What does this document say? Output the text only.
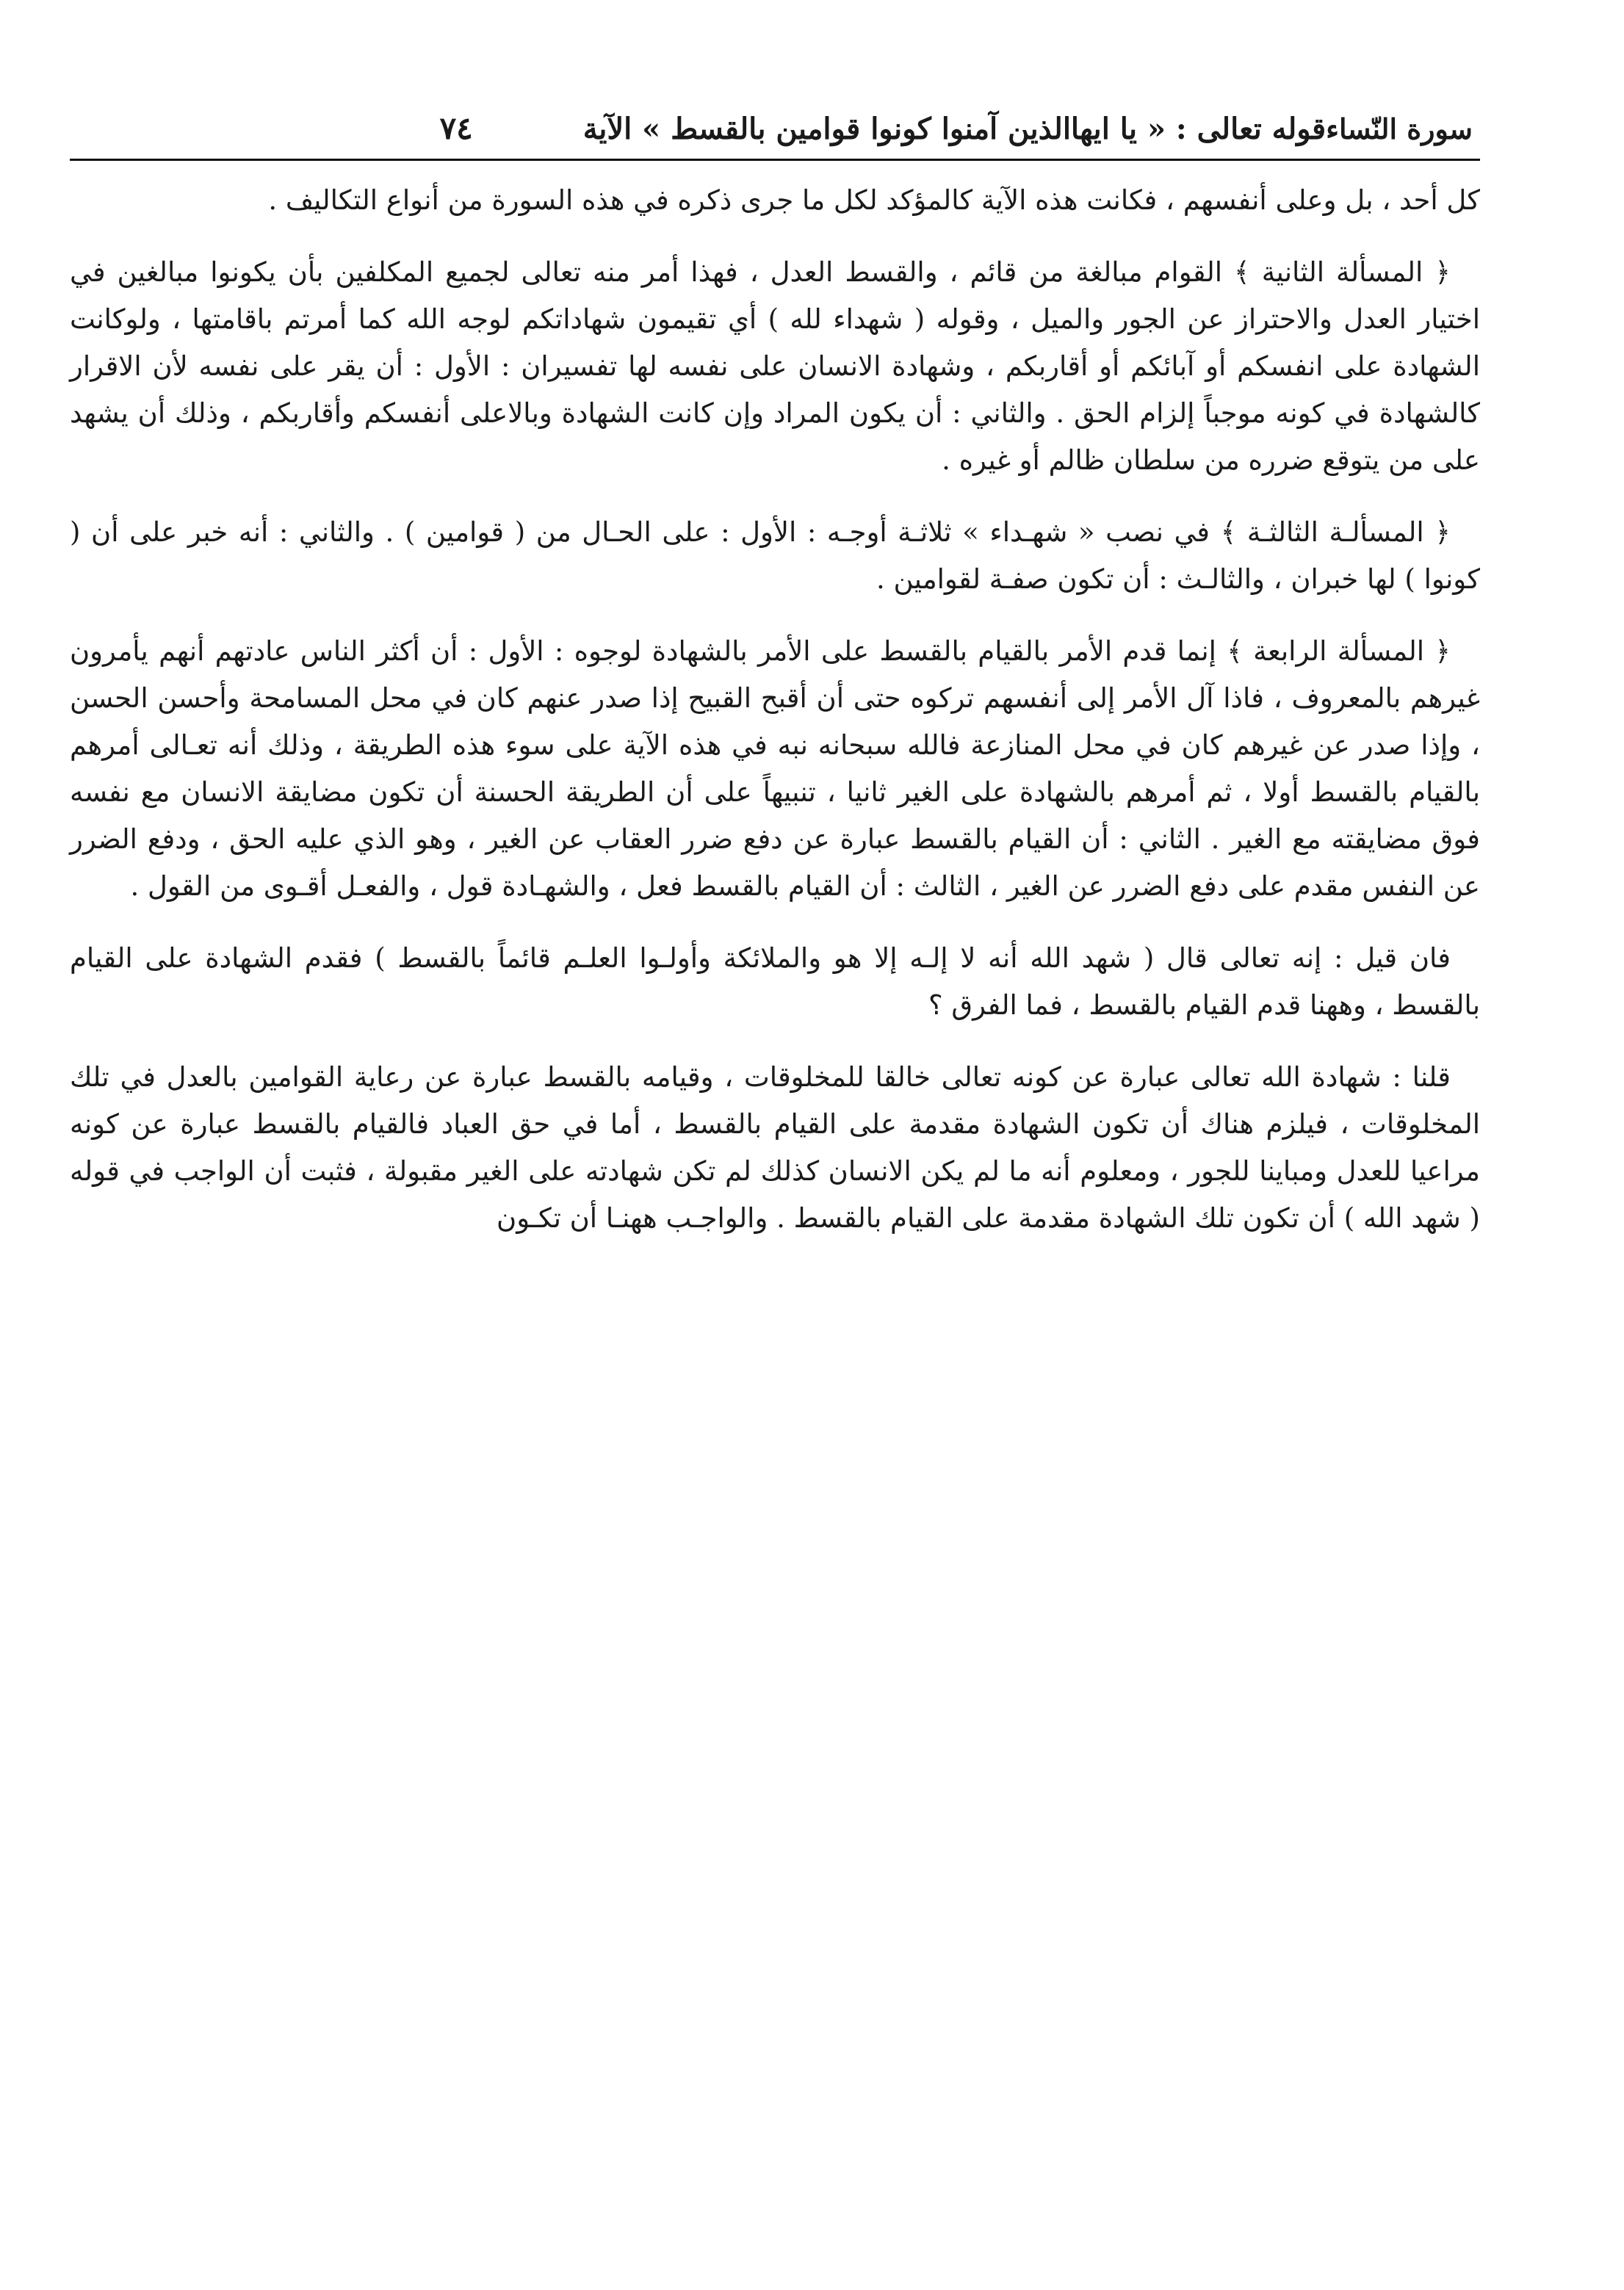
سورة النّساء
قوله تعالى : « يا ايهاالذين آمنوا كونوا قوامين بالقسط » الآية
٧٤

كل أحد ، بل وعلى أنفسهم ، فكانت هذه الآية كالمؤكد لكل ما جرى ذكره في هذه السورة من أنواع التكاليف .

﴿ المسألة الثانية ﴾ القوام مبالغة من قائم ، والقسط العدل ، فهذا أمر منه تعالى لجميع المكلفين بأن يكونوا مبالغين في اختيار العدل والاحتراز عن الجور والميل ، وقوله ( شهداء لله ) أي تقيمون شهاداتكم لوجه الله كما أمرتم باقامتها ، ولوكانت الشهادة على انفسكم أو آبائكم أو أقاربكم ، وشهادة الانسان على نفسه لها تفسيران : الأول : أن يقر على نفسه لأن الاقرار كالشهادة في كونه موجباً إلزام الحق . والثاني : أن يكون المراد وإن كانت الشهادة وبالاعلى أنفسكم وأقاربكم ، وذلك أن يشهد على من يتوقع ضرره من سلطان ظالم أو غيره .

﴿ المسألـة الثالثـة ﴾ في نصب « شهـداء » ثلاثـة أوجـه : الأول : على الحـال من ( قوامين ) . والثاني : أنه خبر على أن ( كونوا ) لها خبران ، والثالـث : أن تكون صفـة لقوامين .

﴿ المسألة الرابعة ﴾ إنما قدم الأمر بالقيام بالقسط على الأمر بالشهادة لوجوه : الأول : أن أكثر الناس عادتهم أنهم يأمرون غيرهم بالمعروف ، فاذا آل الأمر إلى أنفسهم تركوه حتى أن أقبح القبيح إذا صدر عنهم كان في محل المسامحة وأحسن الحسن ، وإذا صدر عن غيرهم كان في محل المنازعة فالله سبحانه نبه في هذه الآية على سوء هذه الطريقة ، وذلك أنه تعـالى أمرهم بالقيام بالقسط أولا ، ثم أمرهم بالشهادة على الغير ثانيا ، تنبيهاً على أن الطريقة الحسنة أن تكون مضايقة الانسان مع نفسه فوق مضايقته مع الغير . الثاني : أن القيام بالقسط عبارة عن دفع ضرر العقاب عن الغير ، وهو الذي عليه الحق ، ودفع الضرر عن النفس مقدم على دفع الضرر عن الغير ، الثالث : أن القيام بالقسط فعل ، والشهـادة قول ، والفعـل أقـوى من القول .

فان قيل : إنه تعالى قال ( شهد الله أنه لا إلـه إلا هو والملائكة وأولـوا العلـم قائماً بالقسط ) فقدم الشهادة على القيام بالقسط ، وههنا قدم القيام بالقسط ، فما الفرق ؟

قلنا : شهادة الله تعالى عبارة عن كونه تعالى خالقا للمخلوقات ، وقيامه بالقسط عبارة عن رعاية القوامين بالعدل في تلك المخلوقات ، فيلزم هناك أن تكون الشهادة مقدمة على القيام بالقسط ، أما في حق العباد فالقيام بالقسط عبارة عن كونه مراعيا للعدل ومباينا للجور ، ومعلوم أنه ما لم يكن الانسان كذلك لم تكن شهادته على الغير مقبولة ، فثبت أن الواجب في قوله ( شهد الله ) أن تكون تلك الشهادة مقدمة على القيام بالقسط . والواجـب ههنـا أن تكـون
